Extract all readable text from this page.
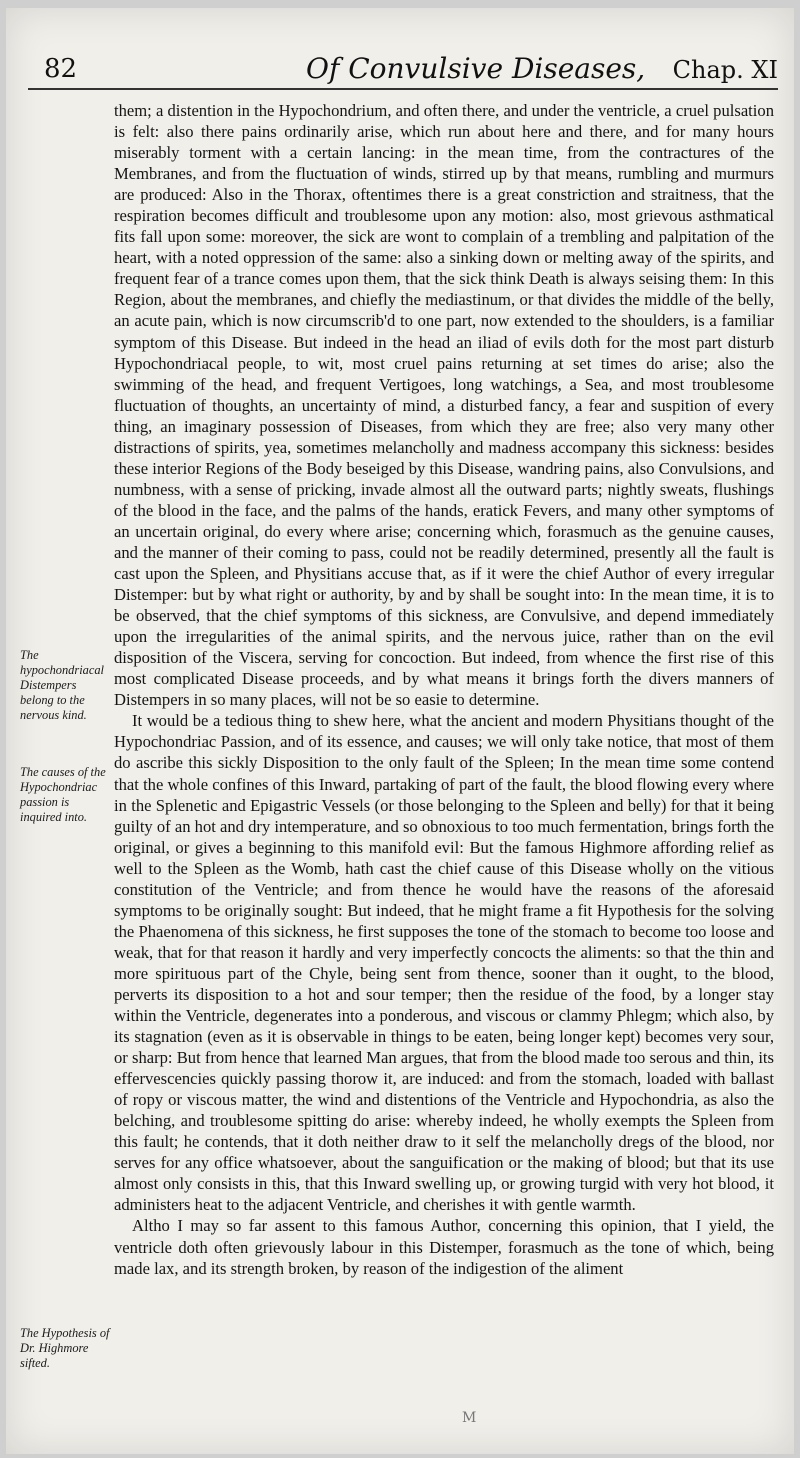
82	Of Convulsive Diseases, Chap. XI

them; a distention in the Hypochondrium, and often there, and under the ventricle, a cruel pulsation is felt: also there pains ordinarily arise, which run about here and there, and for many hours miserably torment with a certain lancing: in the mean time, from the contractures of the Membranes, and from the fluctuation of winds, stirred up by that means, rumbling and murmurs are produced: Also in the Thorax, oftentimes there is a great constriction and straitness, that the respiration becomes difficult and troublesome upon any motion: also, most grievous asthmatical fits fall upon some: moreover, the sick are wont to complain of a trembling and palpitation of the heart, with a noted oppression of the same: also a sinking down or melting away of the spirits, and frequent fear of a trance comes upon them, that the sick think Death is always seising them: In this Region, about the membranes, and chiefly the mediastinum, or that divides the middle of the belly, an acute pain, which is now circumscrib'd to one part, now extended to the shoulders, is a familiar symptom of this Disease. But indeed in the head an iliad of evils doth for the most part disturb Hypochondriacal people, to wit, most cruel pains returning at set times do arise; also the swimming of the head, and frequent Vertigoes, long watchings, a Sea, and most troublesome fluctuation of thoughts, an uncertainty of mind, a disturbed fancy, a fear and suspition of every thing, an imaginary possession of Diseases, from which they are free; also very many other distractions of spirits, yea, sometimes melancholly and madness accompany this sickness: besides these interior Regions of the Body beseiged by this Disease, wandring pains, also Convulsions, and numbness, with a sense of pricking, invade almost all the outward parts; nightly sweats, flushings of the blood in the face, and the palms of the hands, eratick Fevers, and many other symptoms of an uncertain original, do every where arise; concerning which, forasmuch as the genuine causes, and the manner of their coming to pass, could not be readily determined, presently all the fault is cast upon the Spleen, and Physitians accuse that, as if it were the chief Author of every irregular Distemper: but by what right or authority, by and by shall be sought into: In the mean time, it is to be observed, that the chief symptoms of this sickness, are Convulsive, and depend immediately upon the irregularities of the animal spirits, and the nervous juice, rather than on the evil disposition of the Viscera, serving for concoction. But indeed, from whence the first rise of this most complicated Disease proceeds, and by what means it brings forth the divers manners of Distempers in so many places, will not be so easie to determine.

It would be a tedious thing to shew here, what the ancient and modern Physitians thought of the Hypochondriac Passion, and of its essence, and causes; we will only take notice, that most of them do ascribe this sickly Disposition to the only fault of the Spleen; In the mean time some contend that the whole confines of this Inward, partaking of part of the fault, the blood flowing every where in the Splenetic and Epigastric Vessels (or those belonging to the Spleen and belly) for that it being guilty of an hot and dry intemperature, and so obnoxious to too much fermentation, brings forth the original, or gives a beginning to this manifold evil: But the famous Highmore affording relief as well to the Spleen as the Womb, hath cast the chief cause of this Disease wholly on the vitious constitution of the Ventricle; and from thence he would have the reasons of the aforesaid symptoms to be originally sought: But indeed, that he might frame a fit Hypothesis for the solving the Phaenomena of this sickness, he first supposes the tone of the stomach to become too loose and weak, that for that reason it hardly and very imperfectly concocts the aliments: so that the thin and more spirituous part of the Chyle, being sent from thence, sooner than it ought, to the blood, perverts its disposition to a hot and sour temper; then the residue of the food, by a longer stay within the Ventricle, degenerates into a ponderous, and viscous or clammy Phlegm; which also, by its stagnation (even as it is observable in things to be eaten, being longer kept) becomes very sour, or sharp: But from hence that learned Man argues, that from the blood made too serous and thin, its effervescencies quickly passing thorow it, are induced: and from the stomach, loaded with ballast of ropy or viscous matter, the wind and distentions of the Ventricle and Hypochondria, as also the belching, and troublesome spitting do arise: whereby indeed, he wholly exempts the Spleen from this fault; he contends, that it doth neither draw to it self the melancholly dregs of the blood, nor serves for any office whatsoever, about the sanguification or the making of blood; but that its use almost only consists in this, that this Inward swelling up, or growing turgid with very hot blood, it administers heat to the adjacent Ventricle, and cherishes it with gentle warmth.

Altho I may so far assent to this famous Author, concerning this opinion, that I yield, the ventricle doth often grievously labour in this Distemper, forasmuch as the tone of which, being made lax, and its strength broken, by reason of the indigestion of the aliment

The hypochondriacal Distempers belong to the nervous kind.
The causes of the Hypochondriac passion is inquired into.
The Hypothesis of Dr. Highmore sifted.
M
